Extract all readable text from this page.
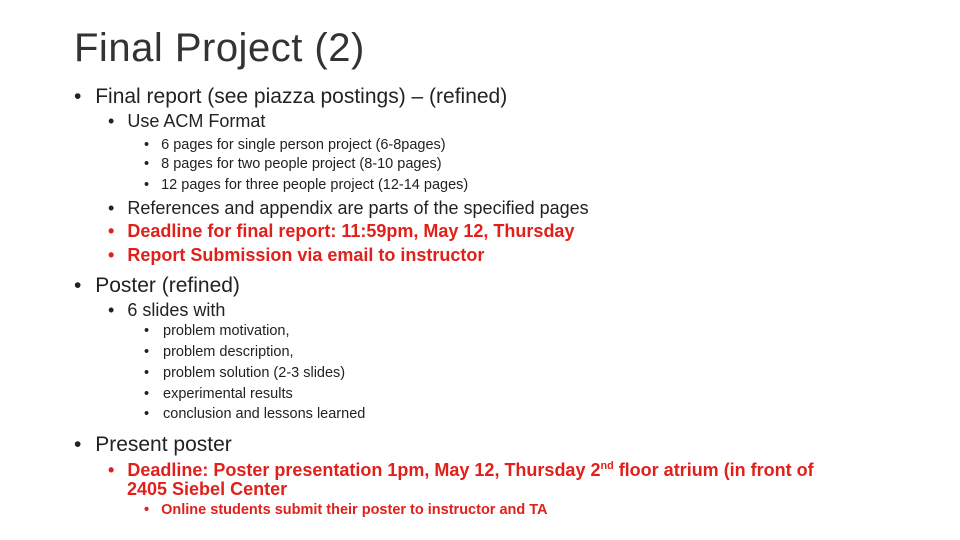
Final Project (2)
• Final report (see piazza postings) – (refined)
• Use ACM Format
• 6 pages for single person project (6-8pages)
• 8 pages for two people project (8-10 pages)
• 12 pages for three people project (12-14 pages)
• References and appendix are parts of the specified pages
• Deadline for final report: 11:59pm, May 12, Thursday
• Report Submission via email to instructor
• Poster (refined)
• 6 slides with
• problem motivation,
• problem description,
• problem solution (2-3 slides)
• experimental results
• conclusion and lessons learned
• Present poster
• Deadline: Poster presentation 1pm, May 12, Thursday 2nd floor atrium (in front of
2405 Siebel Center
• Online students submit their poster to instructor and TA
